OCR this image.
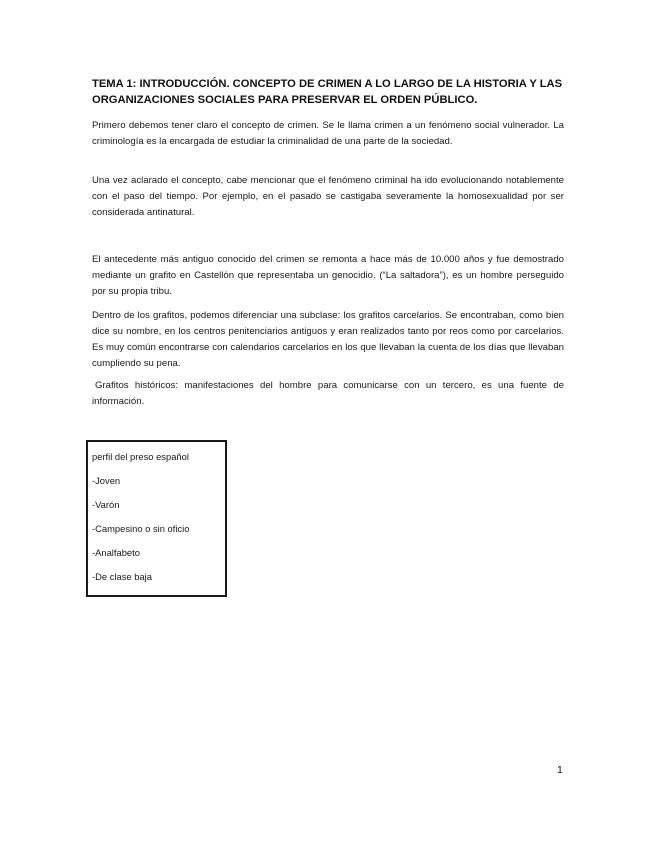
TEMA 1: INTRODUCCIÓN. CONCEPTO DE CRIMEN A LO LARGO DE LA HISTORIA Y LAS ORGANIZACIONES SOCIALES PARA PRESERVAR EL ORDEN PÚBLICO.

Primero debemos tener claro el concepto de crimen. Se le llama crimen a un fenómeno social vulnerador. La criminología es la encargada de estudiar la criminalidad de una parte de la sociedad.

Una vez aclarado el concepto, cabe mencionar que el fenómeno criminal ha ido evolucionando notablemente con el paso del tiempo. Por ejemplo, en el pasado se castigaba severamente la homosexualidad por ser considerada antinatural.

El antecedente más antiguo conocido del crimen se remonta a hace más de 10.000 años y fue demostrado mediante un grafito en Castellón que representaba un genocidio. (“La saltadora”), es un hombre perseguido por su propia tribu.

Dentro de los grafitos, podemos diferenciar una subclase: los grafitos carcelarios. Se encontraban, como bien dice su nombre, en los centros penitenciarios antiguos y eran realizados tanto por reos como por carcelarios. Es muy común encontrarse con calendarios carcelarios en los que llevaban la cuenta de los días que llevaban cumpliendo su pena.

Grafitos históricos: manifestaciones del hombre para comunicarse con un tercero, es una fuente de información.

perfil del preso español
-Joven
-Varón
-Campesino o sin oficio
-Analfabeto
-De clase baja
1
